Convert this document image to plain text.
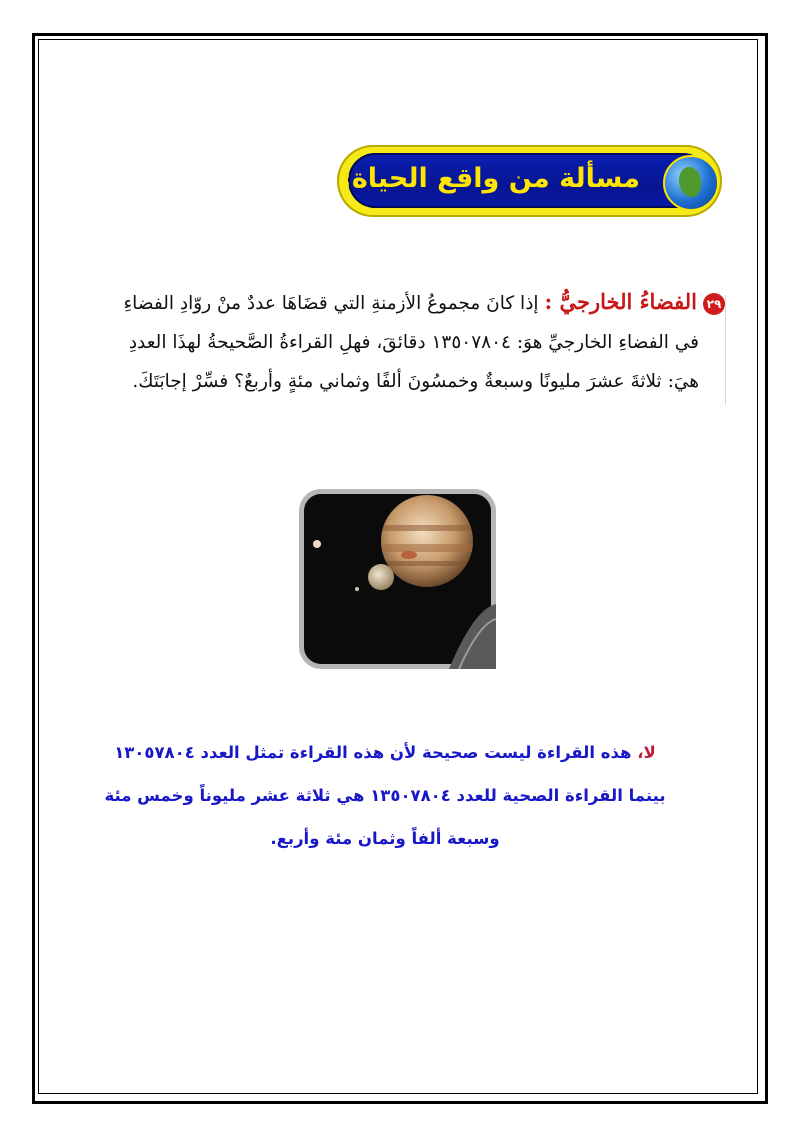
مسألة من واقع الحياة:
٢٩الفضاءُ الخارجيُّ : إذا كانَ مجموعُ الأزمنةِ التي قضَاهَا عددٌ منْ روّادِ الفضاءِ
في الفضاءِ الخارجيِّ هوَ: ١٣٥٠٧٨٠٤ دقائقَ، فهلِ القراءةُ الصَّحيحةُ لهذَا العددِ
هيَ: ثلاثةَ عشرَ مليونًا وسبعةٌ وخمسُونَ ألفًا وثماني مئةٍ وأربعٌ؟ فسِّرْ إجابَتَكَ.
لا، هذه القراءة ليست صحيحة لأن هذه القراءة تمثل العدد ١٣٠٥٧٨٠٤
بينما القراءة الصحية للعدد ١٣٥٠٧٨٠٤ هي ثلاثة عشر مليوناً وخمس مئة
وسبعة ألفاً وثمان مئة وأربع.
